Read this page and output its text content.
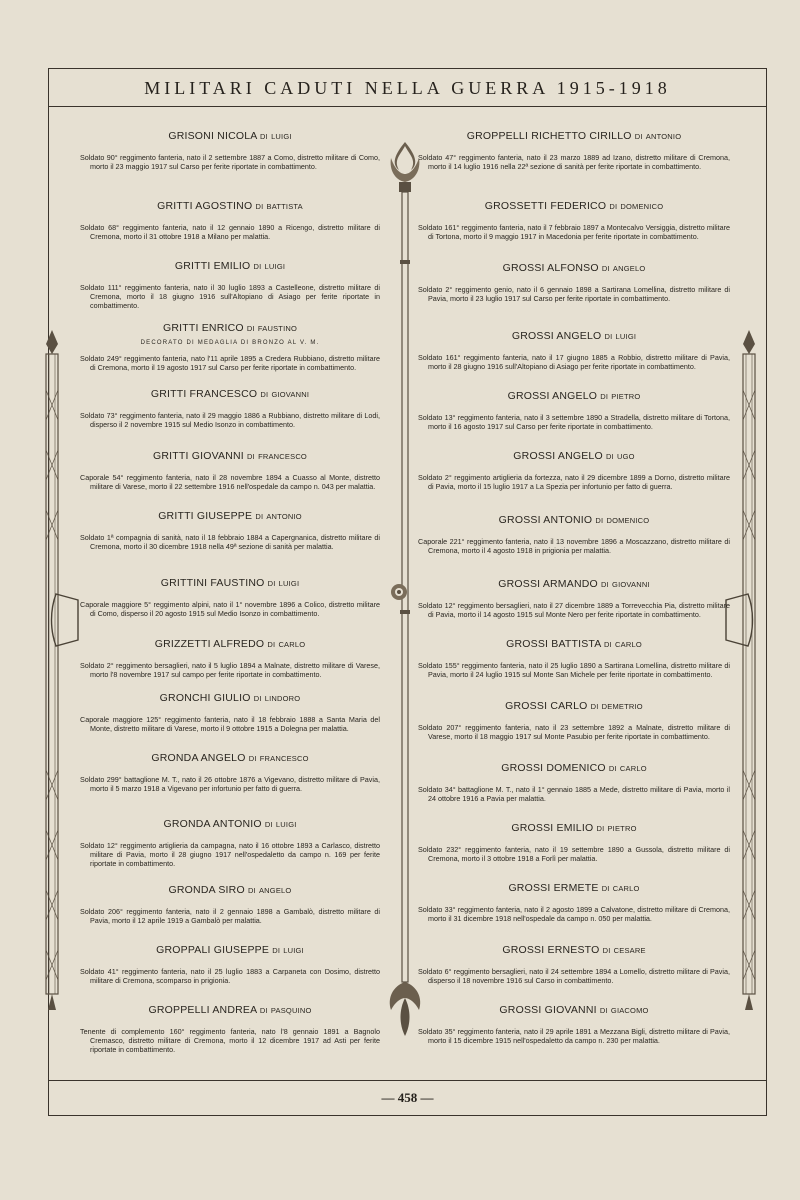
MILITARI CADUTI NELLA GUERRA 1915-1918
— 458 —
GRISONI NICOLA DI LUIGI
Soldato 90° reggimento fanteria, nato il 2 settembre 1887 a Como, distretto militare di Como, morto il 23 maggio 1917 sul Carso per ferite riportate in combattimento.
GRITTI AGOSTINO DI BATTISTA
Soldato 68° reggimento fanteria, nato il 12 gennaio 1890 a Ricengo, distretto militare di Cremona, morto il 31 ottobre 1918 a Milano per malattia.
GRITTI EMILIO DI LUIGI
Soldato 111° reggimento fanteria, nato il 30 luglio 1893 a Castelleone, distretto militare di Cremona, morto il 18 giugno 1916 sull'Altopiano di Asiago per ferite riportate in combattimento.
GRITTI ENRICO DI FAUSTINO
DECORATO DI MEDAGLIA DI BRONZO AL V. M.
Soldato 249° reggimento fanteria, nato l'11 aprile 1895 a Credera Rubbiano, distretto militare di Cremona, morto il 19 agosto 1917 sul Carso per ferite riportate in combattimento.
GRITTI FRANCESCO DI GIOVANNI
Soldato 73° reggimento fanteria, nato il 29 maggio 1886 a Rubbiano, distretto militare di Lodi, disperso il 2 novembre 1915 sul Medio Isonzo in combattimento.
GRITTI GIOVANNI DI FRANCESCO
Caporale 54° reggimento fanteria, nato il 28 novembre 1894 a Cuasso al Monte, distretto militare di Varese, morto il 22 settembre 1916 nell'ospedale da campo n. 043 per malattia.
GRITTI GIUSEPPE DI ANTONIO
Soldato 1ª compagnia di sanità, nato il 18 febbraio 1884 a Capergnanica, distretto militare di Cremona, morto il 30 dicembre 1918 nella 49ª sezione di sanità per malattia.
GRITTINI FAUSTINO DI LUIGI
Caporale maggiore 5° reggimento alpini, nato il 1° novembre 1896 a Colico, distretto militare di Como, disperso il 20 agosto 1915 sul Medio Isonzo in combattimento.
GRIZZETTI ALFREDO DI CARLO
Soldato 2° reggimento bersaglieri, nato il 5 luglio 1894 a Malnate, distretto militare di Varese, morto l'8 novembre 1917 sul campo per ferite riportate in combattimento.
GRONCHI GIULIO DI LINDORO
Caporale maggiore 125° reggimento fanteria, nato il 18 febbraio 1888 a Santa Maria del Monte, distretto militare di Varese, morto il 9 ottobre 1915 a Dolegna per malattia.
GRONDA ANGELO DI FRANCESCO
Soldato 299° battaglione M. T., nato il 26 ottobre 1876 a Vigevano, distretto militare di Pavia, morto il 5 marzo 1918 a Vigevano per infortunio per fatto di guerra.
GRONDA ANTONIO DI LUIGI
Soldato 12° reggimento artiglieria da campagna, nato il 16 ottobre 1893 a Carlasco, distretto militare di Pavia, morto il 28 giugno 1917 nell'ospedaletto da campo n. 169 per ferite riportate in combattimento.
GRONDA SIRO DI ANGELO
Soldato 206° reggimento fanteria, nato il 2 gennaio 1898 a Gambalò, distretto militare di Pavia, morto il 12 aprile 1919 a Gambalò per malattia.
GROPPALI GIUSEPPE DI LUIGI
Soldato 41° reggimento fanteria, nato il 25 luglio 1883 a Carpaneta con Dosimo, distretto militare di Cremona, scomparso in prigionia.
GROPPELLI ANDREA DI PASQUINO
Tenente di complemento 160° reggimento fanteria, nato l'8 gennaio 1891 a Bagnolo Cremasco, distretto militare di Cremona, morto il 12 dicembre 1917 ad Asti per ferite riportate in combattimento.
GROPPELLI RICHETTO CIRILLO DI ANTONIO
Soldato 47° reggimento fanteria, nato il 23 marzo 1889 ad Izano, distretto militare di Cremona, morto il 14 luglio 1916 nella 22ª sezione di sanità per ferite riportate in combattimento.
GROSSETTI FEDERICO DI DOMENICO
Soldato 161° reggimento fanteria, nato il 7 febbraio 1897 a Montecalvo Versiggia, distretto militare di Tortona, morto il 9 maggio 1917 in Macedonia per ferite riportate in combattimento.
GROSSI ALFONSO DI ANGELO
Soldato 2° reggimento genio, nato il 6 gennaio 1898 a Sartirana Lomellina, distretto militare di Pavia, morto il 23 luglio 1917 sul Carso per ferite riportate in combattimento.
GROSSI ANGELO DI LUIGI
Soldato 161° reggimento fanteria, nato il 17 giugno 1885 a Robbio, distretto militare di Pavia, morto il 28 giugno 1916 sull'Altopiano di Asiago per ferite riportate in combattimento.
GROSSI ANGELO DI PIETRO
Soldato 13° reggimento fanteria, nato il 3 settembre 1890 a Stradella, distretto militare di Tortona, morto il 16 agosto 1917 sul Carso per ferite riportate in combattimento.
GROSSI ANGELO DI UGO
Soldato 2° reggimento artiglieria da fortezza, nato il 29 dicembre 1899 a Dorno, distretto militare di Pavia, morto il 15 luglio 1917 a La Spezia per infortunio per fatto di guerra.
GROSSI ANTONIO DI DOMENICO
Caporale 221° reggimento fanteria, nato il 13 novembre 1896 a Moscazzano, distretto militare di Cremona, morto il 4 agosto 1918 in prigionia per malattia.
GROSSI ARMANDO DI GIOVANNI
Soldato 12° reggimento bersaglieri, nato il 27 dicembre 1889 a Torrevecchia Pia, distretto militare di Pavia, morto il 14 agosto 1915 sul Monte Nero per ferite riportate in combattimento.
GROSSI BATTISTA DI CARLO
Soldato 155° reggimento fanteria, nato il 25 luglio 1890 a Sartirana Lomellina, distretto militare di Pavia, morto il 24 luglio 1915 sul Monte San Michele per ferite riportate in combattimento.
GROSSI CARLO DI DEMETRIO
Soldato 207° reggimento fanteria, nato il 23 settembre 1892 a Malnate, distretto militare di Varese, morto il 18 maggio 1917 sul Monte Pasubio per ferite riportate in combattimento.
GROSSI DOMENICO DI CARLO
Soldato 34° battaglione M. T., nato il 1° gennaio 1885 a Mede, distretto militare di Pavia, morto il 24 ottobre 1916 a Pavia per malattia.
GROSSI EMILIO DI PIETRO
Soldato 232° reggimento fanteria, nato il 19 settembre 1890 a Gussola, distretto militare di Cremona, morto il 3 ottobre 1918 a Forlì per malattia.
GROSSI ERMETE DI CARLO
Soldato 33° reggimento fanteria, nato il 2 agosto 1899 a Calvatone, distretto militare di Cremona, morto il 31 dicembre 1918 nell'ospedale da campo n. 050 per malattia.
GROSSI ERNESTO DI CESARE
Soldato 6° reggimento bersaglieri, nato il 24 settembre 1894 a Lomello, distretto militare di Pavia, disperso il 18 novembre 1916 sul Carso in combattimento.
GROSSI GIOVANNI DI GIACOMO
Soldato 35° reggimento fanteria, nato il 29 aprile 1891 a Mezzana Bigli, distretto militare di Pavia, morto il 15 dicembre 1915 nell'ospedaletto da campo n. 230 per malattia.
